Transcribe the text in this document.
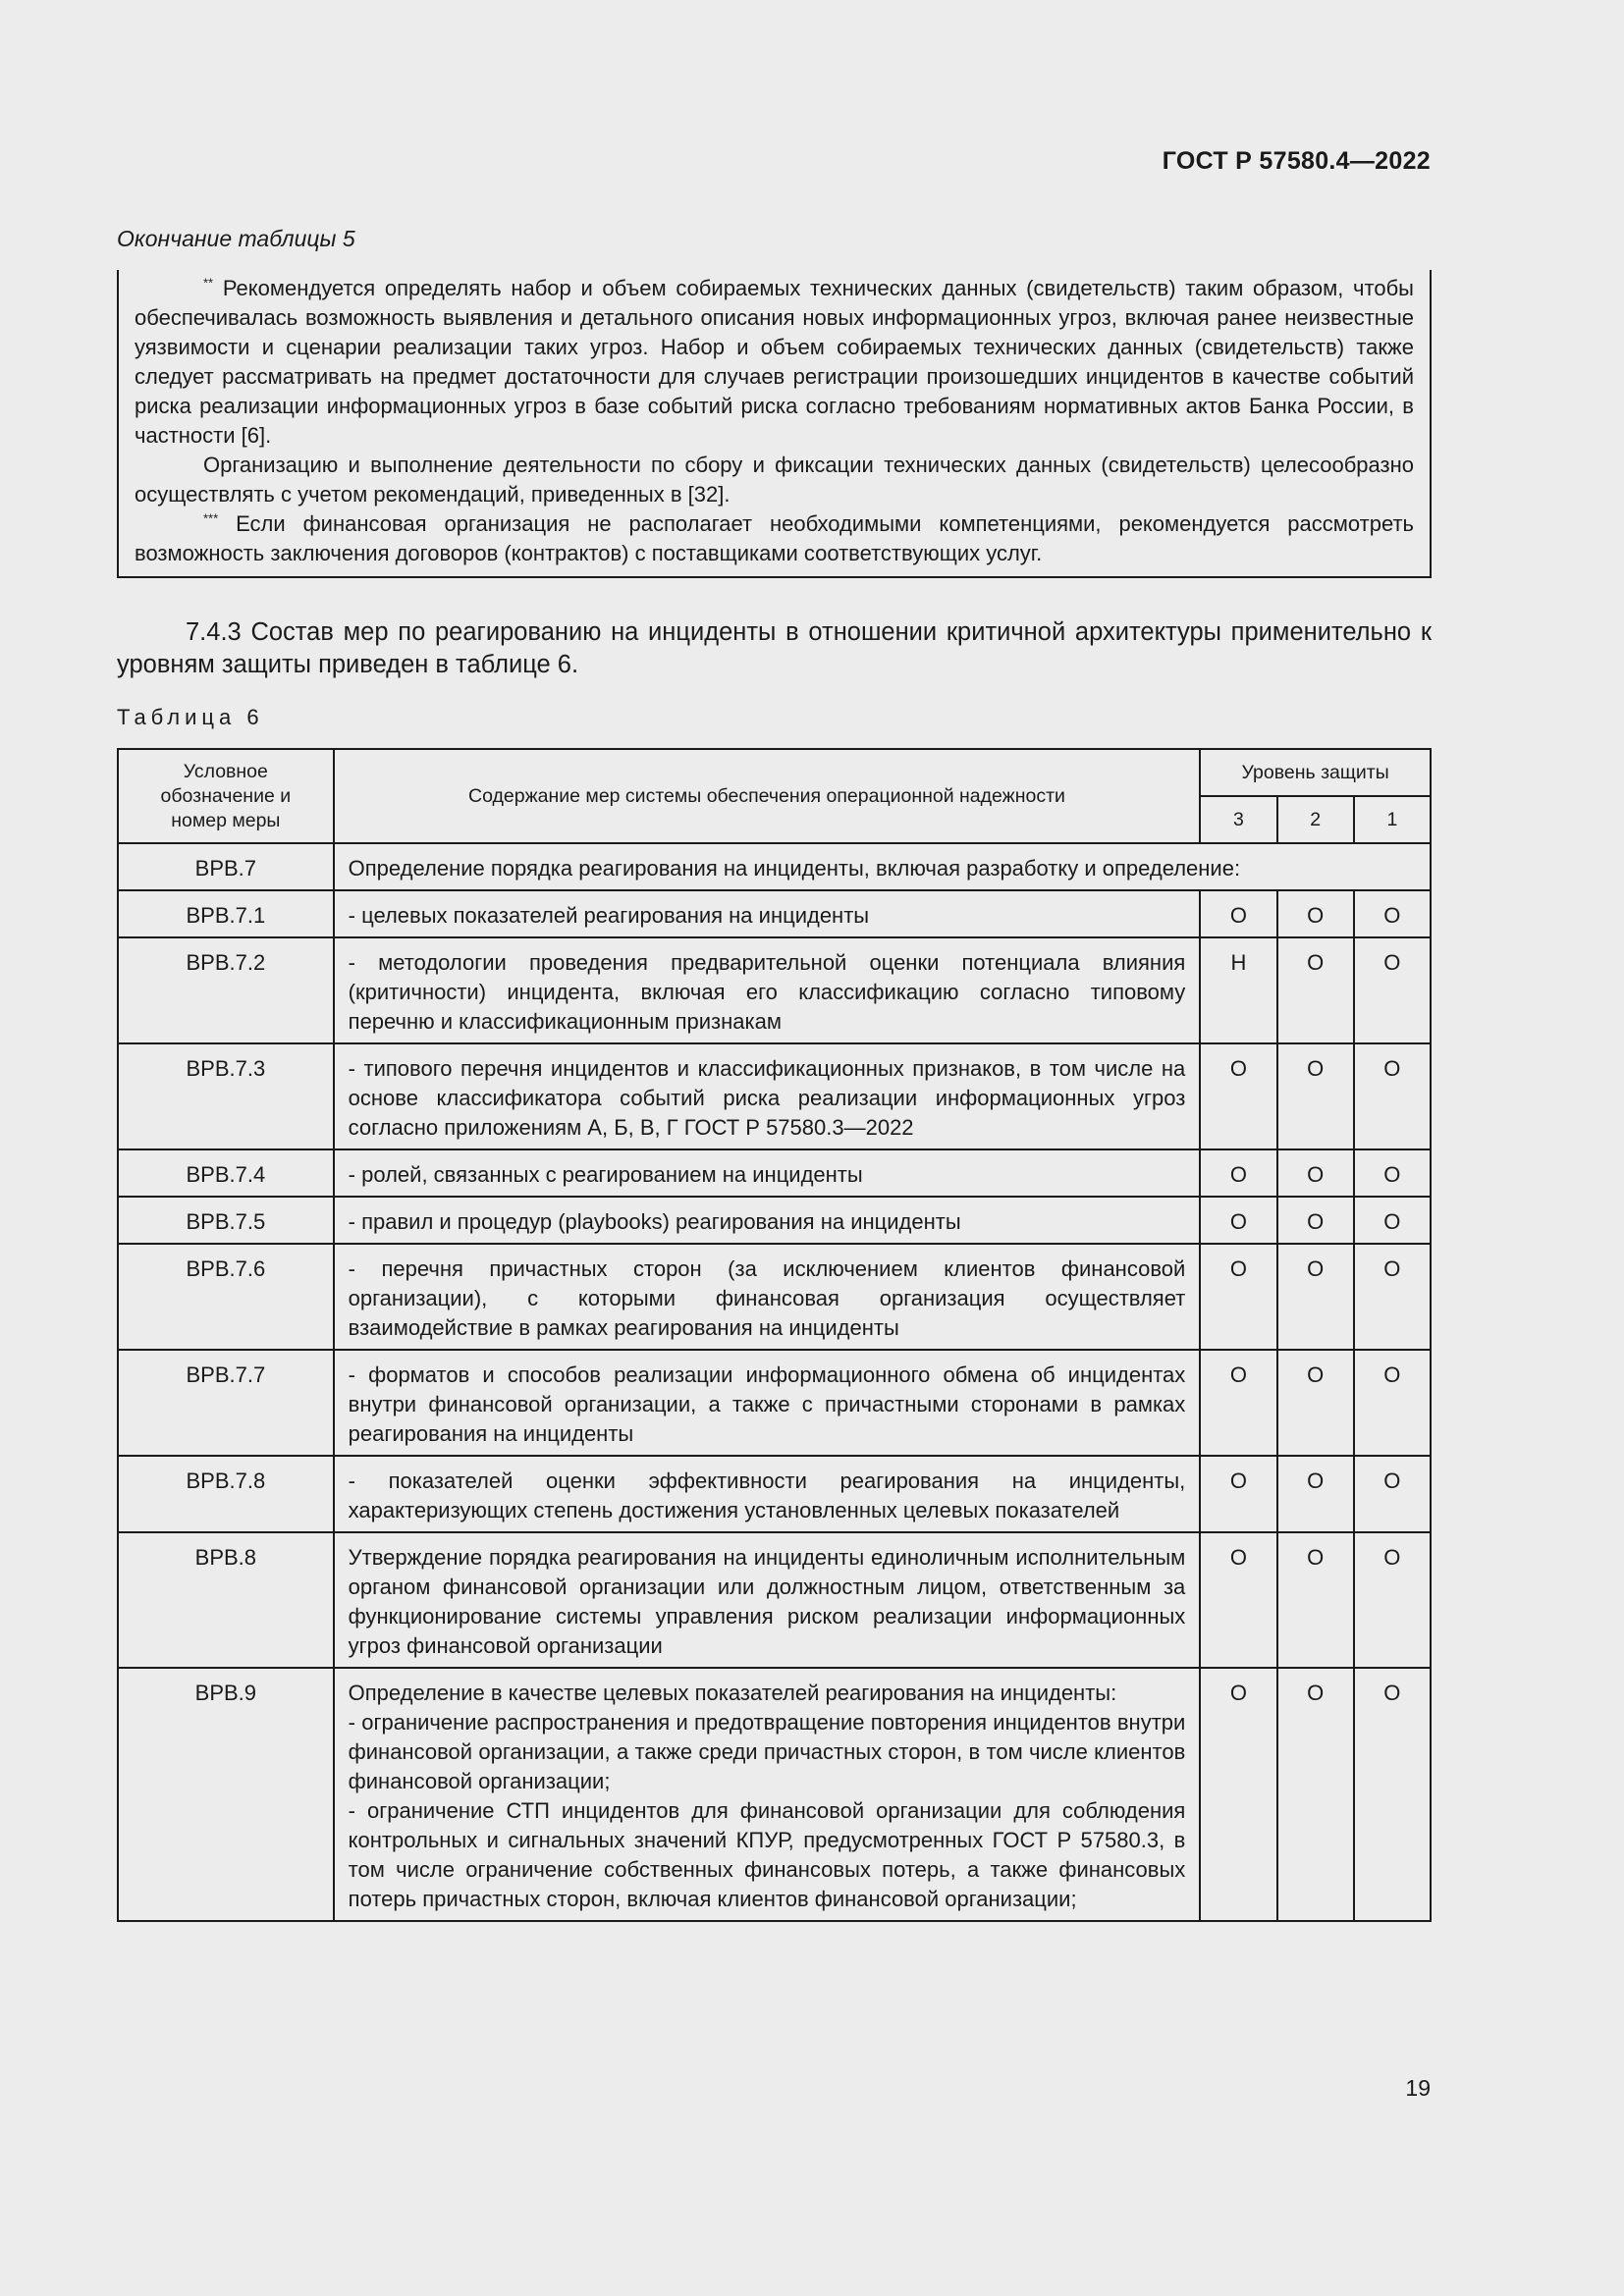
ГОСТ Р 57580.4—2022
Окончание таблицы 5

** Рекомендуется определять набор и объем собираемых технических данных (свидетельств) таким образом, чтобы обеспечивалась возможность выявления и детального описания новых информационных угроз, включая ранее неизвестные уязвимости и сценарии реализации таких угроз. Набор и объем собираемых технических данных (свидетельств) также следует рассматривать на предмет достаточности для случаев регистрации произошедших инцидентов в качестве событий риска реализации информационных угроз в базе событий риска согласно требованиям нормативных актов Банка России, в частности [6].

Организацию и выполнение деятельности по сбору и фиксации технических данных (свидетельств) целесообразно осуществлять с учетом рекомендаций, приведенных в [32].

*** Если финансовая организация не располагает необходимыми компетенциями, рекомендуется рассмотреть возможность заключения договоров (контрактов) с поставщиками соответствующих услуг.

7.4.3 Состав мер по реагированию на инциденты в отношении критичной архитектуры применительно к уровням защиты приведен в таблице 6.

Таблица 6
Условное обозначение и номер меры	Содержание мер системы обеспечения операционной надежности	Уровень защиты		
		3	2	1
ВРВ.7	Определение порядка реагирования на инциденты, включая разработку и определение:			
ВРВ.7.1	- целевых показателей реагирования на инциденты	О	О	О
ВРВ.7.2	- методологии проведения предварительной оценки потенциала влияния (критичности) инцидента, включая его классификацию согласно типовому перечню и классификационным признакам	Н	О	О
ВРВ.7.3	- типового перечня инцидентов и классификационных признаков, в том числе на основе классификатора событий риска реализации информационных угроз согласно приложениям А, Б, В, Г ГОСТ Р 57580.3—2022	О	О	О
ВРВ.7.4	- ролей, связанных с реагированием на инциденты	О	О	О
ВРВ.7.5	- правил и процедур (playbooks) реагирования на инциденты	О	О	О
ВРВ.7.6	- перечня причастных сторон (за исключением клиентов финансовой организации), с которыми финансовая организация осуществляет взаимодействие в рамках реагирования на инциденты	О	О	О
ВРВ.7.7	- форматов и способов реализации информационного обмена об инцидентах внутри финансовой организации, а также с причастными сторонами в рамках реагирования на инциденты	О	О	О
ВРВ.7.8	- показателей оценки эффективности реагирования на инциденты, характеризующих степень достижения установленных целевых показателей	О	О	О
ВРВ.8	Утверждение порядка реагирования на инциденты единоличным исполнительным органом финансовой организации или должностным лицом, ответственным за функционирование системы управления риском реализации информационных угроз финансовой организации	О	О	О
ВРВ.9	Определение в качестве целевых показателей реагирования на инциденты:
- ограничение распространения и предотвращение повторения инцидентов внутри финансовой организации, а также среди причастных сторон, в том числе клиентов финансовой организации;
- ограничение СТП инцидентов для финансовой организации для соблюдения контрольных и сигнальных значений КПУР, предусмотренных ГОСТ Р 57580.3, в том числе ограничение собственных финансовых потерь, а также финансовых потерь причастных сторон, включая клиентов финансовой организации;	О	О	О
19
